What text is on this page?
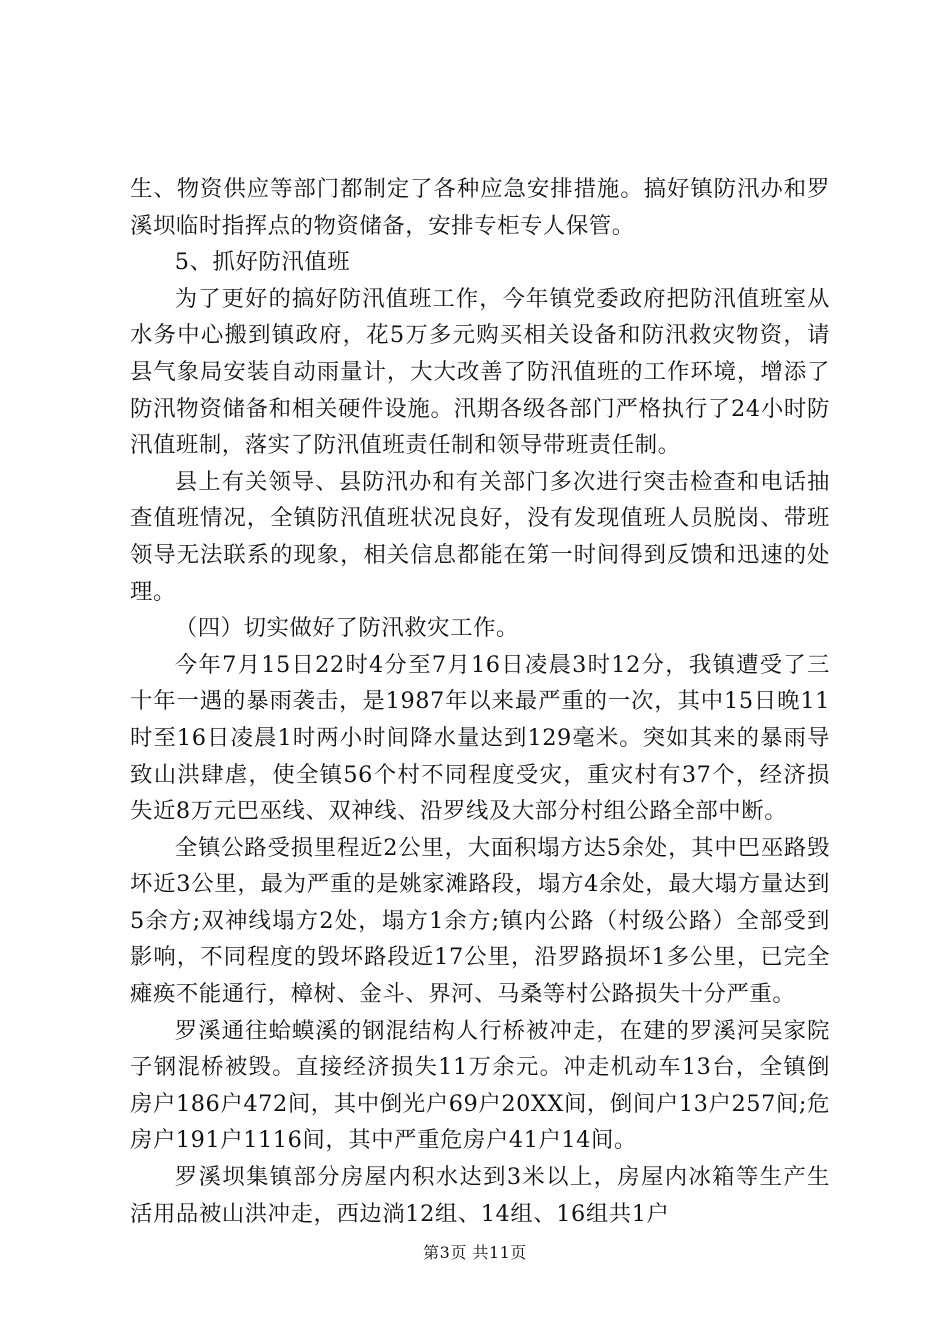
生、物资供应等部门都制定了各种应急安排措施。搞好镇防汛办和罗溪坝临时指挥点的物资储备，安排专柜专人保管。

5、抓好防汛值班

为了更好的搞好防汛值班工作，今年镇党委政府把防汛值班室从水务中心搬到镇政府，花5万多元购买相关设备和防汛救灾物资，请县气象局安装自动雨量计，大大改善了防汛值班的工作环境，增添了防汛物资储备和相关硬件设施。汛期各级各部门严格执行了24小时防汛值班制，落实了防汛值班责任制和领导带班责任制。

县上有关领导、县防汛办和有关部门多次进行突击检查和电话抽查值班情况，全镇防汛值班状况良好，没有发现值班人员脱岗、带班领导无法联系的现象，相关信息都能在第一时间得到反馈和迅速的处理。

（四）切实做好了防汛救灾工作。

今年7月15日22时4分至7月16日凌晨3时12分，我镇遭受了三十年一遇的暴雨袭击，是1987年以来最严重的一次，其中15日晚11时至16日凌晨1时两小时间降水量达到129毫米。突如其来的暴雨导致山洪肆虐，使全镇56个村不同程度受灾，重灾村有37个，经济损失近8万元巴巫线、双神线、沿罗线及大部分村组公路全部中断。

全镇公路受损里程近2公里，大面积塌方达5余处，其中巴巫路毁坏近3公里，最为严重的是姚家滩路段，塌方4余处，最大塌方量达到5余方;双神线塌方2处，塌方1余方;镇内公路（村级公路）全部受到影响，不同程度的毁坏路段近17公里，沿罗路损坏1多公里，已完全瘫痪不能通行，樟树、金斗、界河、马桑等村公路损失十分严重。

罗溪通往蛤蟆溪的钢混结构人行桥被冲走，在建的罗溪河吴家院子钢混桥被毁。直接经济损失11万余元。冲走机动车13台，全镇倒房户186户472间，其中倒光户69户20XX间，倒间户13户257间;危房户191户1116间，其中严重危房户41户14间。

罗溪坝集镇部分房屋内积水达到3米以上，房屋内冰箱等生产生活用品被山洪冲走，西边淌12组、14组、16组共1户

第3页 共11页
